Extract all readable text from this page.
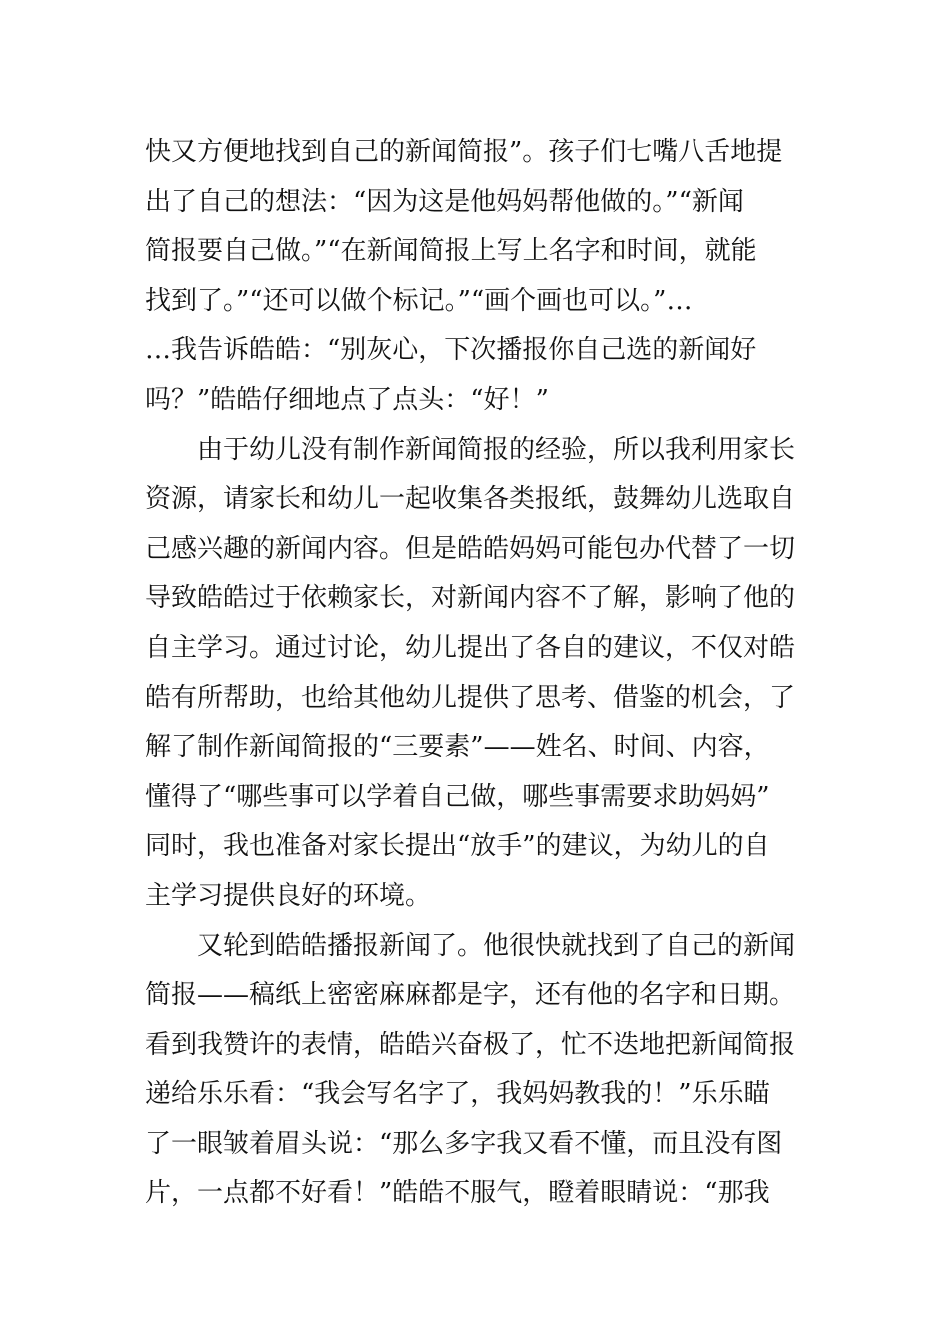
快又方便地找到自己的新闻简报”。孩子们七嘴八舌地提
出了自己的想法：“因为这是他妈妈帮他做的。”“新闻
简报要自己做。”“在新闻简报上写上名字和时间，就能
找到了。”“还可以做个标记。”“画个画也可以。”…
…我告诉皓皓：“别灰心，下次播报你自己选的新闻好
吗？”皓皓仔细地点了点头：“好！”
　　由于幼儿没有制作新闻简报的经验，所以我利用家长
资源，请家长和幼儿一起收集各类报纸，鼓舞幼儿选取自
己感兴趣的新闻内容。但是皓皓妈妈可能包办代替了一切
导致皓皓过于依赖家长，对新闻内容不了解，影响了他的
自主学习。通过讨论，幼儿提出了各自的建议，不仅对皓
皓有所帮助，也给其他幼儿提供了思考、借鉴的机会，了
解了制作新闻简报的“三要素”——姓名、时间、内容，
懂得了“哪些事可以学着自己做，哪些事需要求助妈妈”
同时，我也准备对家长提出“放手”的建议，为幼儿的自
主学习提供良好的环境。
　　又轮到皓皓播报新闻了。他很快就找到了自己的新闻
简报——稿纸上密密麻麻都是字，还有他的名字和日期。
看到我赞许的表情，皓皓兴奋极了，忙不迭地把新闻简报
递给乐乐看：“我会写名字了，我妈妈教我的！”乐乐瞄
了一眼皱着眉头说：“那么多字我又看不懂，而且没有图
片，一点都不好看！”皓皓不服气，瞪着眼睛说：“那我
